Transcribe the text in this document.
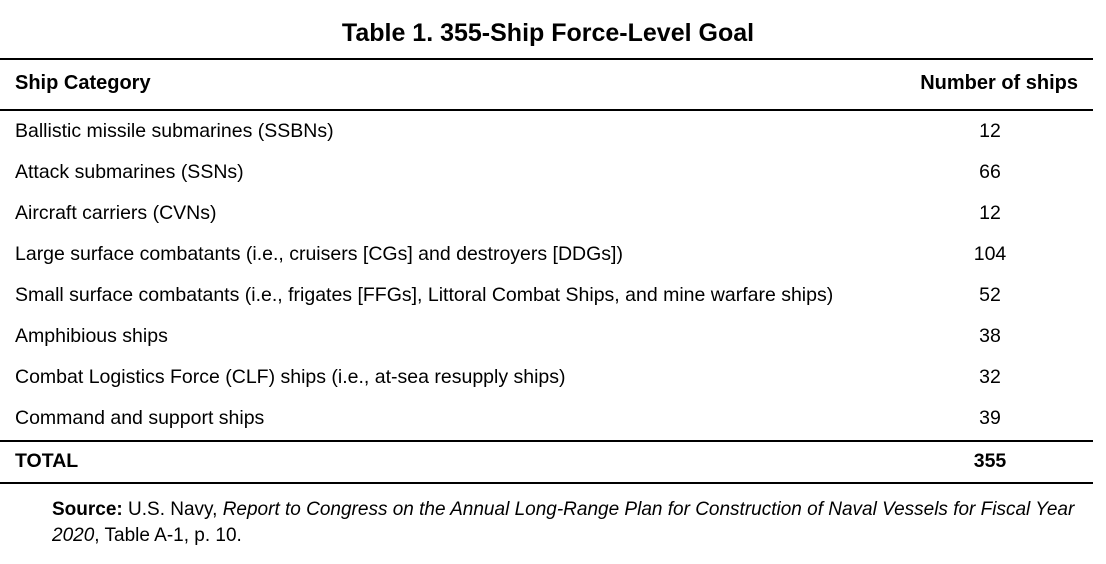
Table 1. 355-Ship Force-Level Goal
Ship Category	Number of ships
Ballistic missile submarines (SSBNs)	12
Attack submarines (SSNs)	66
Aircraft carriers (CVNs)	12
Large surface combatants (i.e., cruisers [CGs] and destroyers [DDGs])	104
Small surface combatants (i.e., frigates [FFGs], Littoral Combat Ships, and mine warfare ships)	52
Amphibious ships	38
Combat Logistics Force (CLF) ships (i.e., at-sea resupply ships)	32
Command and support ships	39
TOTAL	355
Source: U.S. Navy, Report to Congress on the Annual Long-Range Plan for Construction of Naval Vessels for Fiscal Year 2020, Table A-1, p. 10.
